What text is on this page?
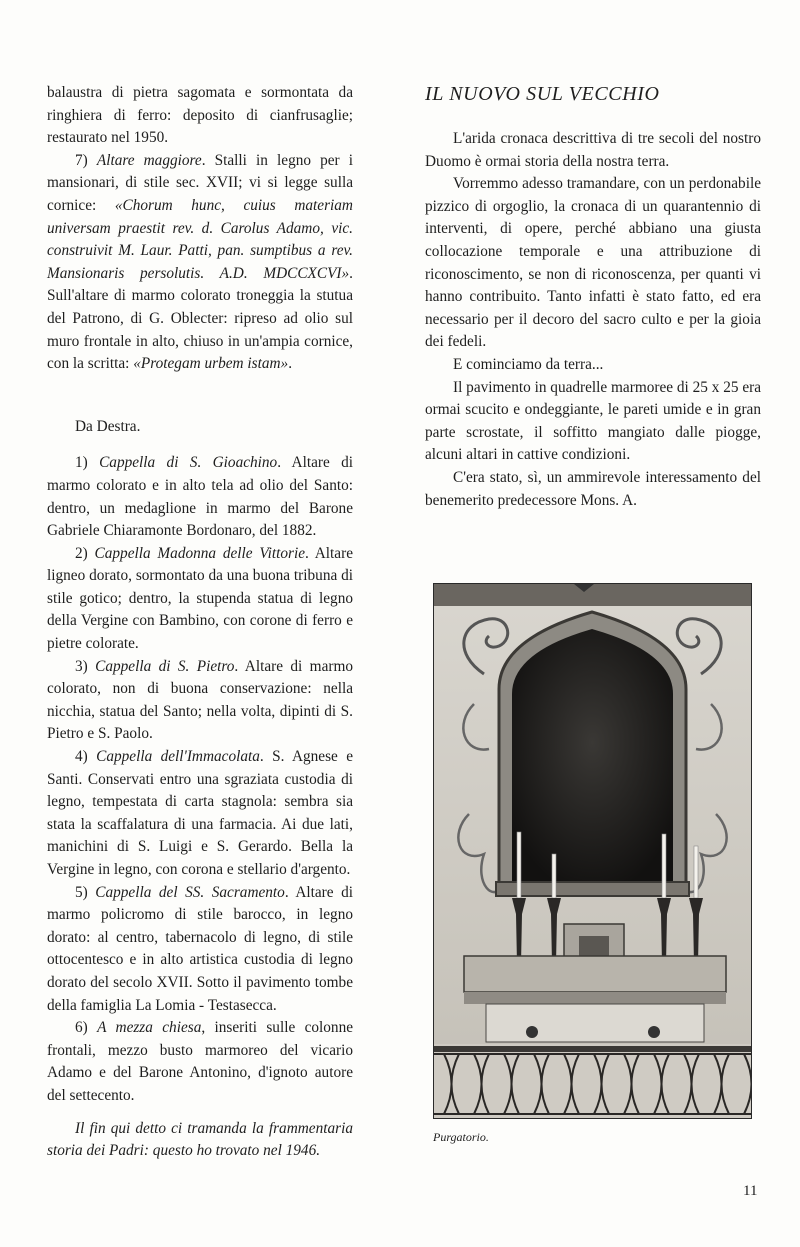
balaustra di pietra sagomata e sormontata da ringhiera di ferro: deposito di cianfrusaglie; restaurato nel 1950.

7) Altare maggiore. Stalli in legno per i mansionari, di stile sec. XVII; vi si legge sulla cornice: «Chorum hunc, cuius materiam universam praestit rev. d. Carolus Adamo, vic. construivit M. Laur. Patti, pan. sumptibus a rev. Mansionaris persolutis. A.D. MDCCXCVI». Sull'altare di marmo colorato troneggia la stutua del Patrono, di G. Oblecter: ripreso ad olio sul muro frontale in alto, chiuso in un'ampia cornice, con la scritta: «Protegam urbem istam».

Da Destra.

1) Cappella di S. Gioachino. Altare di marmo colorato e in alto tela ad olio del Santo: dentro, un medaglione in marmo del Barone Gabriele Chiaramonte Bordonaro, del 1882.

2) Cappella Madonna delle Vittorie. Altare ligneo dorato, sormontato da una buona tribuna di stile gotico; dentro, la stupenda statua di legno della Vergine con Bambino, con corone di ferro e pietre colorate.

3) Cappella di S. Pietro. Altare di marmo colorato, non di buona conservazione: nella nicchia, statua del Santo; nella volta, dipinti di S. Pietro e S. Paolo.

4) Cappella dell'Immacolata. S. Agnese e Santi. Conservati entro una sgraziata custodia di legno, tempestata di carta stagnola: sembra sia stata la scaffalatura di una farmacia. Ai due lati, manichini di S. Luigi e S. Gerardo. Bella la Vergine in legno, con corona e stellario d'argento.

5) Cappella del SS. Sacramento. Altare di marmo policromo di stile barocco, in legno dorato: al centro, tabernacolo di legno, di stile ottocentesco e in alto artistica custodia di legno dorato del secolo XVII. Sotto il pavimento tombe della famiglia La Lomia - Testasecca.

6) A mezza chiesa, inseriti sulle colonne frontali, mezzo busto marmoreo del vicario Adamo e del Barone Antonino, d'ignoto autore del settecento.

Il fin qui detto ci tramanda la frammentaria storia dei Padri: questo ho trovato nel 1946.

IL NUOVO SUL VECCHIO

L'arida cronaca descrittiva di tre secoli del nostro Duomo è ormai storia della nostra terra.

Vorremmo adesso tramandare, con un perdonabile pizzico di orgoglio, la cronaca di un quarantennio di interventi, di opere, perché abbiano una giusta collocazione temporale e una attribuzione di riconoscimento, se non di riconoscenza, per quanti vi hanno contribuito. Tanto infatti è stato fatto, ed era necessario per il decoro del sacro culto e per la gioia dei fedeli.

E cominciamo da terra...

Il pavimento in quadrelle marmoree di 25 x 25 era ormai scucito e ondeggiante, le pareti umide e in gran parte scrostate, il soffitto mangiato dalle piogge, alcuni altari in cattive condizioni.

C'era stato, sì, un ammirevole interessamento del benemerito predecessore Mons. A.

Purgatorio.

11
